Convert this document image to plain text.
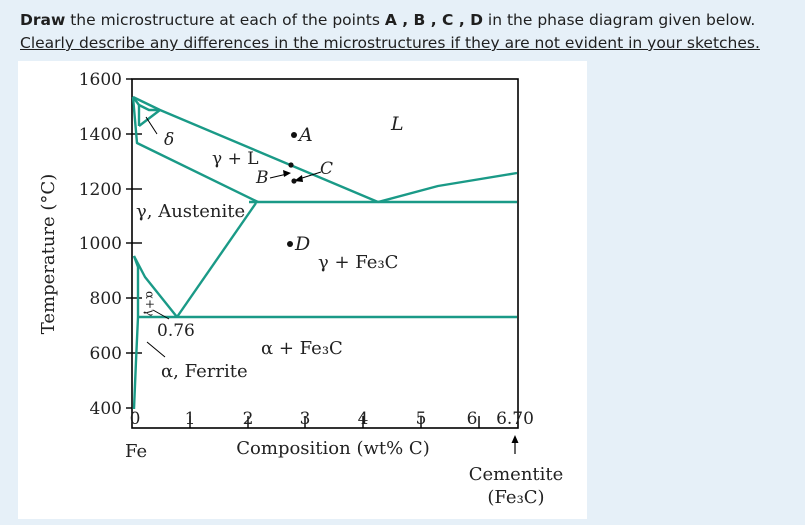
Draw the microstructure at each of the points A , B , C , D in the phase diagram given below.
Clearly describe any differences in the microstructures if they are not evident in your sketches.
1600
1400
1200
1000
800
600
400
Temperature (°C)
0	1	2	3	4	5 6 6.70
Fe	Composition (wt% C)
Cementite
(Fe₃C)
L
δ
γ + L
γ, Austenite
γ + Fe₃C
α + Fe₃C
α, Ferrite
0.76
α+γ
A
B	C
D
